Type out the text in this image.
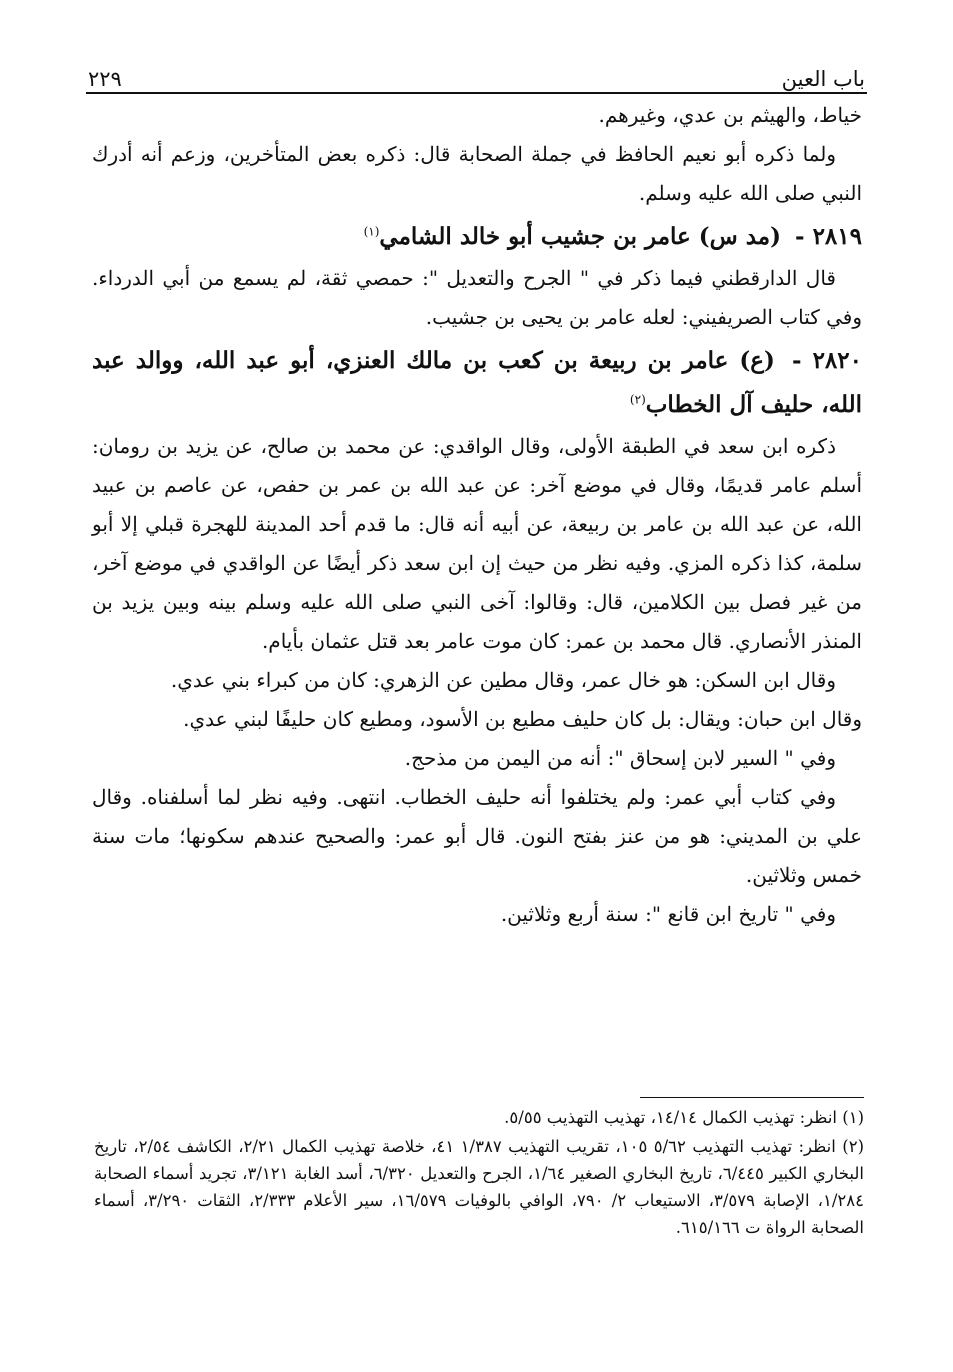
باب العين
٢٢٩

خياط، والهيثم بن عدي، وغيرهم.

ولما ذكره أبو نعيم الحافظ في جملة الصحابة قال: ذكره بعض المتأخرين، وزعم أنه أدرك النبي صلى الله عليه وسلم.

٢٨١٩ - (مد س) عامر بن جشيب أبو خالد الشامي$^{(١)}$

قال الدارقطني فيما ذكر في " الجرح والتعديل ": حمصي ثقة، لم يسمع من أبي الدرداء. وفي كتاب الصريفيني: لعله عامر بن يحيى بن جشيب.

٢٨٢٠ - (ع) عامر بن ربيعة بن كعب بن مالك العنزي، أبو عبد الله، ووالد عبد الله، حليف آل الخطاب$^{(٢)}$

ذكره ابن سعد في الطبقة الأولى، وقال الواقدي: عن محمد بن صالح، عن يزيد بن رومان: أسلم عامر قديمًا، وقال في موضع آخر: عن عبد الله بن عمر بن حفص، عن عاصم بن عبيد الله، عن عبد الله بن عامر بن ربيعة، عن أبيه أنه قال: ما قدم أحد المدينة للهجرة قبلي إلا أبو سلمة، كذا ذكره المزي. وفيه نظر من حيث إن ابن سعد ذكر أيضًا عن الواقدي في موضع آخر، من غير فصل بين الكلامين، قال: وقالوا: آخى النبي صلى الله عليه وسلم بينه وبين يزيد بن المنذر الأنصاري. قال محمد بن عمر: كان موت عامر بعد قتل عثمان بأيام.

وقال ابن السكن: هو خال عمر، وقال مطين عن الزهري: كان من كبراء بني عدي.

وقال ابن حبان: ويقال: بل كان حليف مطيع بن الأسود، ومطيع كان حليفًا لبني عدي.

وفي " السير لابن إسحاق ": أنه من اليمن من مذحج.

وفي كتاب أبي عمر: ولم يختلفوا أنه حليف الخطاب. انتهى. وفيه نظر لما أسلفناه. وقال علي بن المديني: هو من عنز بفتح النون. قال أبو عمر: والصحيح عندهم سكونها؛ مات سنة خمس وثلاثين.

وفي " تاريخ ابن قانع ": سنة أربع وثلاثين.

(١) انظر: تهذيب الكمال ١٤/١٤، تهذيب التهذيب ٥/٥٥.

(٢) انظر: تهذيب التهذيب ٥/٦٢ ١٠٥، تقريب التهذيب ١/٣٨٧ ٤١، خلاصة تهذيب الكمال ٢/٢١، الكاشف ٢/٥٤، تاريخ البخاري الكبير ٦/٤٤٥، تاريخ البخاري الصغير ١/٦٤، الجرح والتعديل ٦/٣٢٠، أسد الغابة ٣/١٢١، تجريد أسماء الصحابة ١/٢٨٤، الإصابة ٣/٥٧٩، الاستيعاب ٢/ ٧٩٠، الوافي بالوفيات ١٦/٥٧٩، سير الأعلام ٢/٣٣٣، الثقات ٣/٢٩٠، أسماء الصحابة الرواة ت ٦١٥/١٦٦.
